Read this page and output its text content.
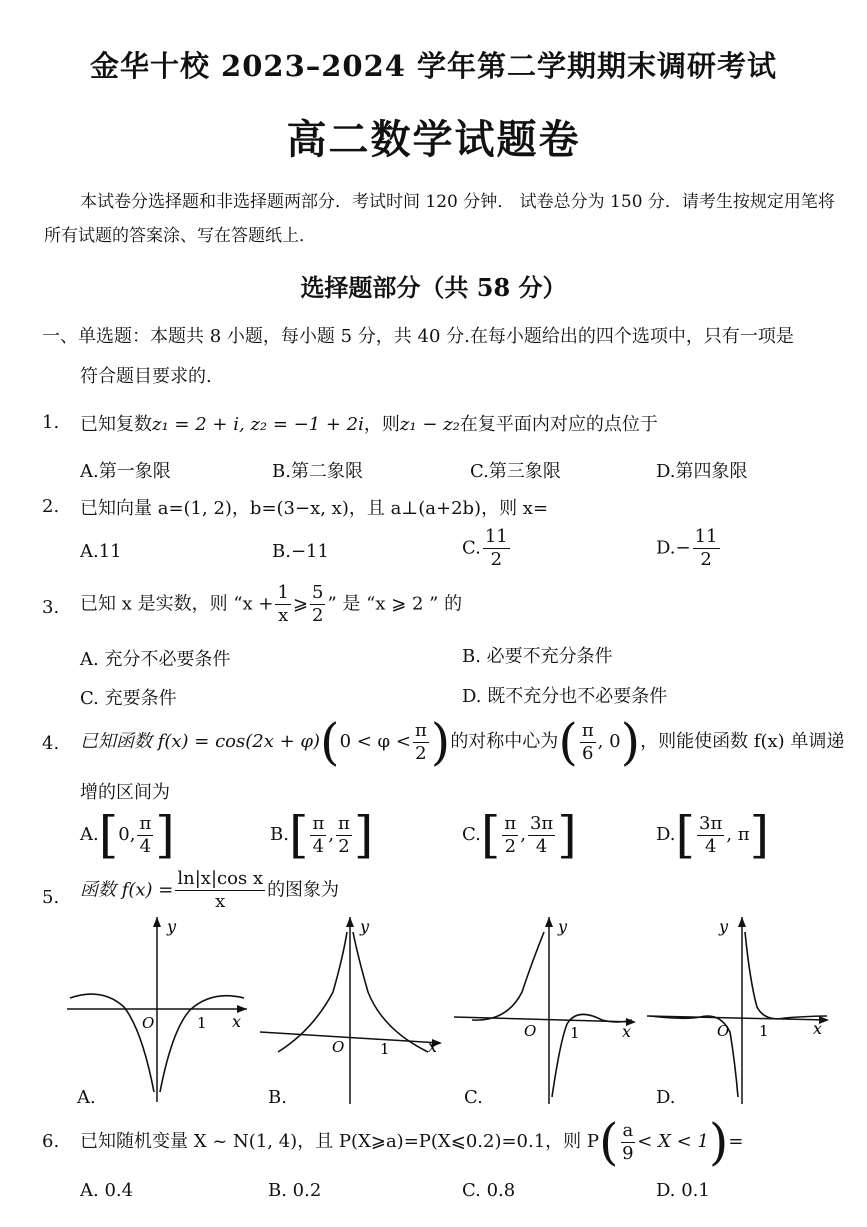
金华十校 2023–2024 学年第二学期期末调研考试
高二数学试题卷
本试卷分选择题和非选择题两部分．考试时间 120 分钟． 试卷总分为 150 分．请考生按规定用笔将所有试题的答案涂、写在答题纸上．
选择题部分（共 58 分）
一、单选题：本题共 8 小题，每小题 5 分，共 40 分.在每小题给出的四个选项中，只有一项是
符合题目要求的.
1. 已知复数z₁ = 2 + i, z₂ = −1 + 2i，则z₁ − z₂在复平面内对应的点位于
A.第一象限	B.第二象限	C.第三象限	D.第四象限
2. 已知向量 a=(1, 2)，b=(3−x, x)，且 a⊥(a+2b)，则 x=
A.11	B.−11	C. $\frac{11}{2}$	$D.- \frac{11}{2}$
3. 已知 x 是实数，则 “$x + \frac{1}{x}$ ⩾ $\frac{5}{2}$ ” 是 “x ⩾ 2 ” 的
A. 充分不必要条件	B. 必要不充分条件
C. 充要条件	D. 既不充分也不必要条件
4. 已知函数 $f(x) = \cos(2x + \varphi)(0 < \varphi < \frac{\pi}{2}$ )的对称中心为( $\frac{\pi}{6}$ , 0)，则能使函数 f(x) 单调递
增的区间为
A.[0, $\frac{\pi}{4}$ ]	$B.[ \frac{\pi}{4}$ , $\frac{\pi}{2}$ ]	$C.[ \frac{\pi}{2}$ , $\frac{3\pi}{4}$ ]	$D.[ \frac{3\pi}{4}$ , π]
5. 函数 $f(x) = \frac{\text{ln|x|cos x}}{x}$ 的图象为
y
x
O	1
A.
y
x
O 1
B.
y
x
O 1
C.
y
x
O 1
D.
6. 已知随机变量 X ~ N(1, 4)，且 P(X⩾a)=P(X⩽0.2)=0.1，则 $P( \frac{a}{9} < X < 1)=$
A. 0.4	B. 0.2	C. 0.8	D. 0.1
